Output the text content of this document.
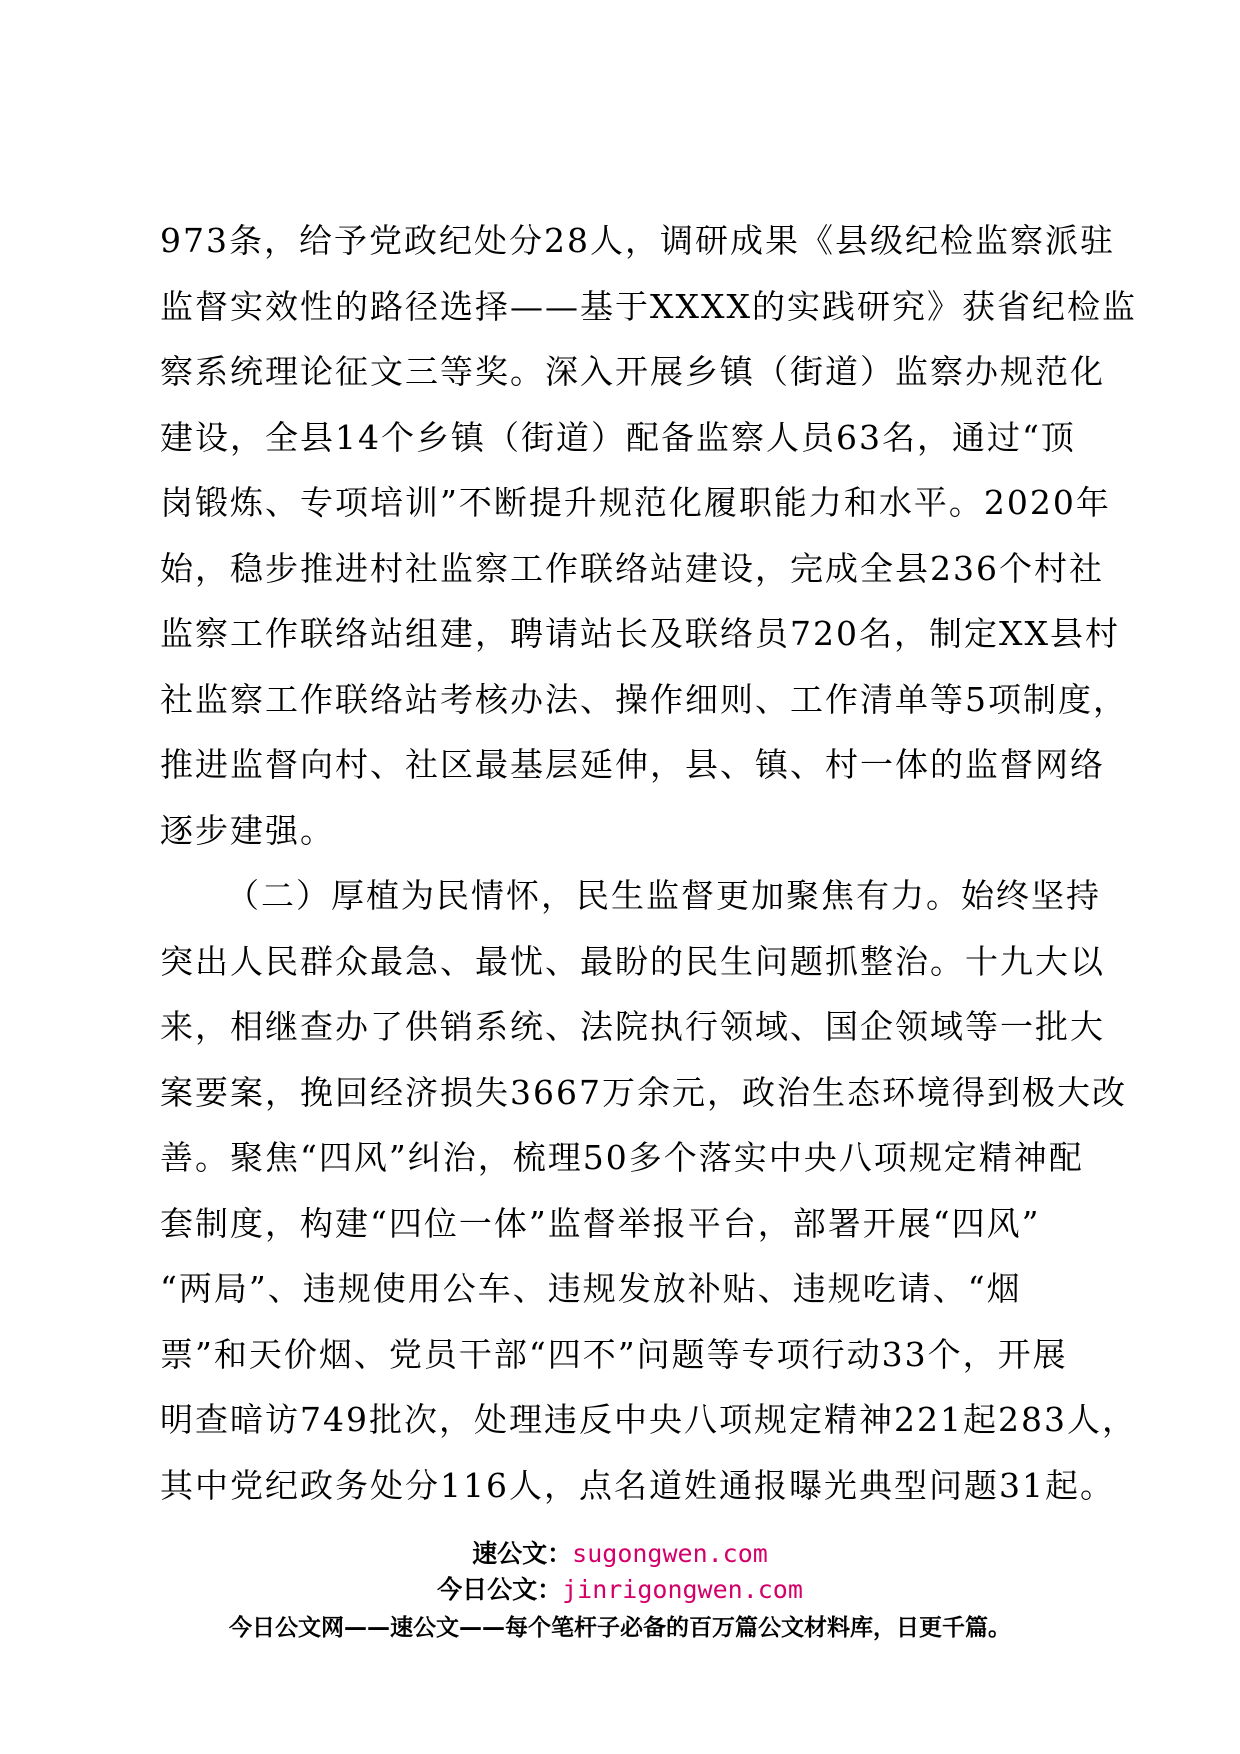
973条，给予党政纪处分28人，调研成果《县级纪检监察派驻
监督实效性的路径选择——基于XXXX的实践研究》获省纪检监
察系统理论征文三等奖。深入开展乡镇（街道）监察办规范化
建设，全县14个乡镇（街道）配备监察人员63名，通过“顶
岗锻炼、专项培训”不断提升规范化履职能力和水平。2020年
始，稳步推进村社监察工作联络站建设，完成全县236个村社
监察工作联络站组建，聘请站长及联络员720名，制定XX县村
社监察工作联络站考核办法、操作细则、工作清单等5项制度，
推进监督向村、社区最基层延伸，县、镇、村一体的监督网络
逐步建强。
（二）厚植为民情怀，民生监督更加聚焦有力。始终坚持
突出人民群众最急、最忧、最盼的民生问题抓整治。十九大以
来，相继查办了供销系统、法院执行领域、国企领域等一批大
案要案，挽回经济损失3667万余元，政治生态环境得到极大改
善。聚焦“四风”纠治，梳理50多个落实中央八项规定精神配
套制度，构建“四位一体”监督举报平台，部署开展“四风”
“两局”、违规使用公车、违规发放补贴、违规吃请、“烟
票”和天价烟、党员干部“四不”问题等专项行动33个，开展
明查暗访749批次，处理违反中央八项规定精神221起283人，
其中党纪政务处分116人，点名道姓通报曝光典型问题31起。
速公文：sugongwen.com
今日公文：jinrigongwen.com
今日公文网——速公文——每个笔杆子必备的百万篇公文材料库，日更千篇。
